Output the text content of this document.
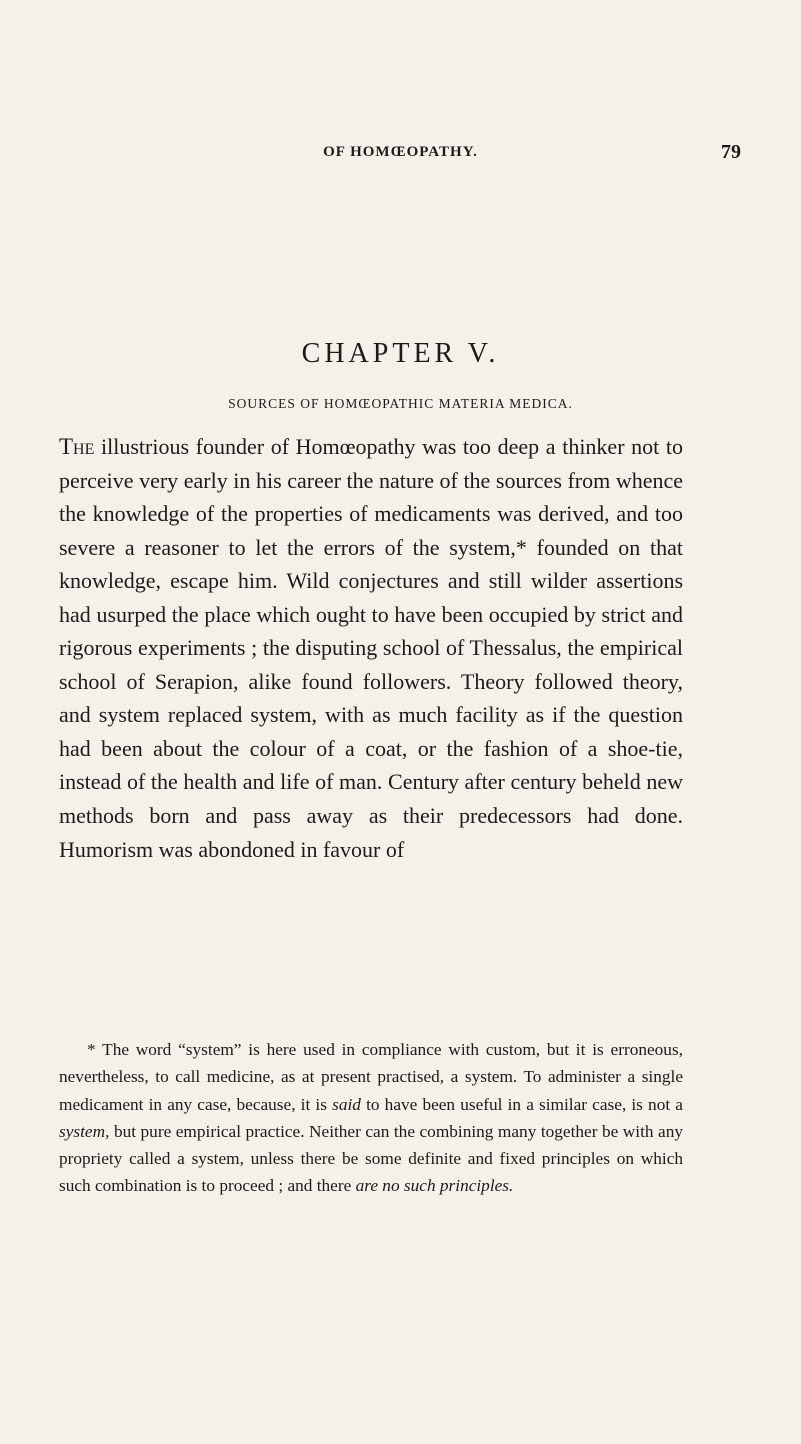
OF HOMŒOPATHY.	79
CHAPTER V.
SOURCES OF HOMŒOPATHIC MATERIA MEDICA.

The illustrious founder of Homœopathy was too deep a thinker not to perceive very early in his career the nature of the sources from whence the knowledge of the properties of medicaments was derived, and too severe a reasoner to let the errors of the system,* founded on that knowledge, escape him. Wild conjectures and still wilder assertions had usurped the place which ought to have been occupied by strict and rigorous experiments ; the disputing school of Thessalus, the empirical school of Serapion, alike found followers. Theory followed theory, and system replaced system, with as much facility as if the question had been about the colour of a coat, or the fashion of a shoe-tie, instead of the health and life of man. Century after century beheld new methods born and pass away as their predecessors had done. Humorism was abondoned in favour of

* The word “system” is here used in compliance with custom, but it is erroneous, nevertheless, to call medicine, as at present practised, a system. To administer a single medicament in any case, because, it is said to have been useful in a similar case, is not a system, but pure empirical practice. Neither can the combining many together be with any propriety called a system, unless there be some definite and fixed principles on which such combination is to proceed ; and there are no such principles.
